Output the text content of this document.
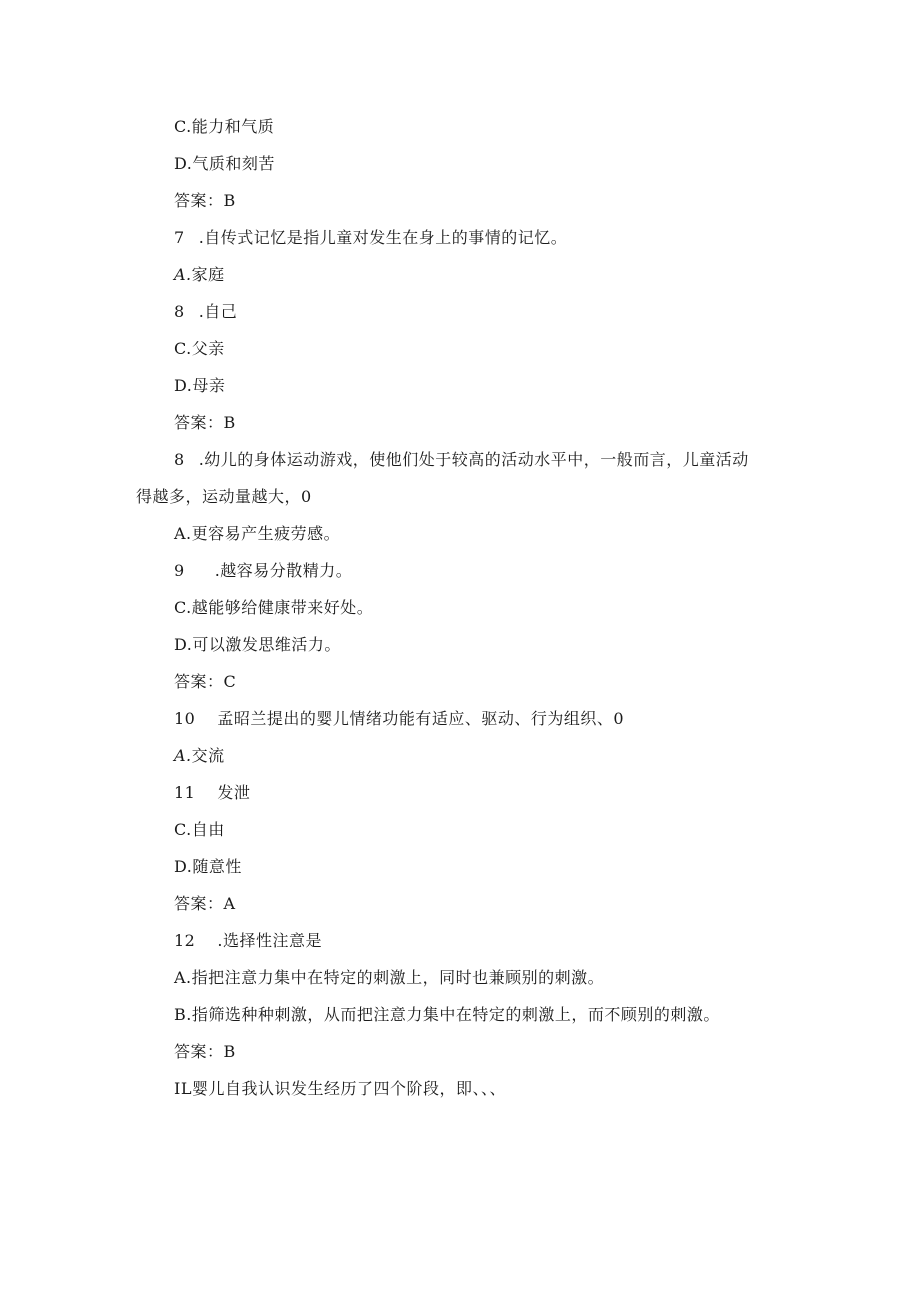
C.能力和气质
D.气质和刻苦
答案：B
7 .自传式记忆是指儿童对发生在身上的事情的记忆。
A.家庭
8 .自己
C.父亲
D.母亲
答案：B
8 .幼儿的身体运动游戏，使他们处于较高的活动水平中，一般而言，儿童活动
得越多，运动量越大，0
A.更容易产生疲劳感。
9 .越容易分散精力。
C.越能够给健康带来好处。
D.可以激发思维活力。
答案：C
10 孟昭兰提出的婴儿情绪功能有适应、驱动、行为组织、0
A.交流
11 发泄
C.自由
D.随意性
答案：A
12 .选择性注意是
A.指把注意力集中在特定的刺激上，同时也兼顾别的刺激。
B.指筛选种种刺激，从而把注意力集中在特定的刺激上，而不顾别的刺激。
答案：B
IL婴儿自我认识发生经历了四个阶段，即、、、
